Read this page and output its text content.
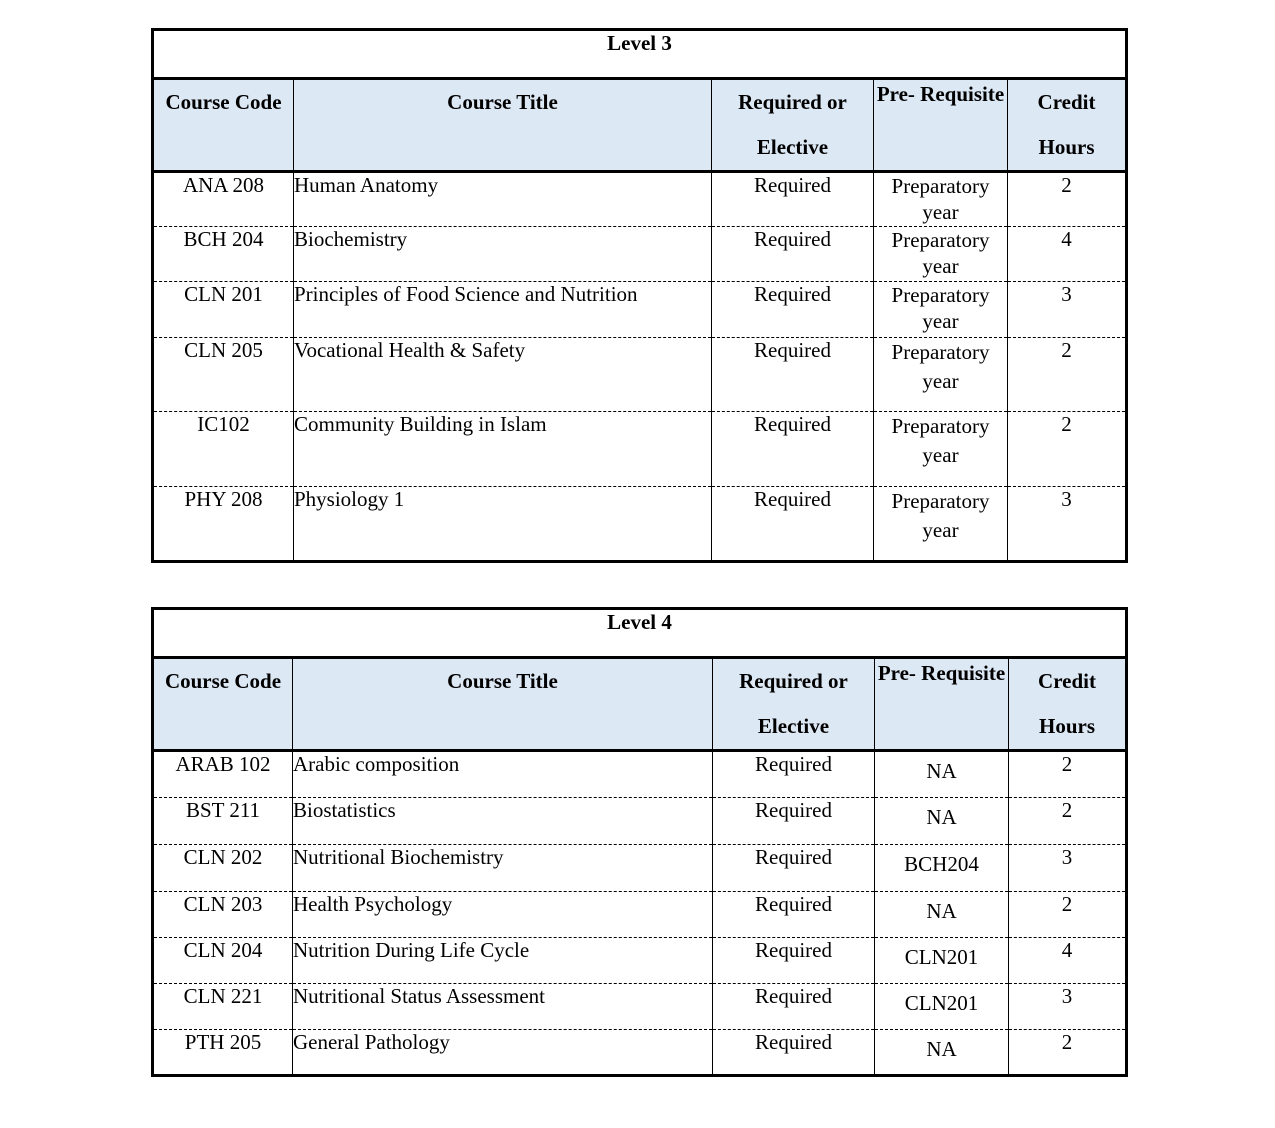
Level 3				
Course Code	Course Title	Required or Elective	Pre- Requisite	Credit Hours
ANA 208	Human Anatomy	Required	Preparatory year	2
BCH 204	Biochemistry	Required	Preparatory year	4
CLN 201	Principles of Food Science and Nutrition	Required	Preparatory year	3
CLN 205	Vocational Health & Safety	Required	Preparatory year	2
IC102	Community Building in Islam	Required	Preparatory year	2
PHY 208	Physiology 1	Required	Preparatory year	3
Level 4				
Course Code	Course Title	Required or Elective	Pre- Requisite	Credit Hours
ARAB 102	Arabic composition	Required	NA	2
BST 211	Biostatistics	Required	NA	2
CLN 202	Nutritional Biochemistry	Required	BCH204	3
CLN 203	Health Psychology	Required	NA	2
CLN 204	Nutrition During Life Cycle	Required	CLN201	4
CLN 221	Nutritional Status Assessment	Required	CLN201	3
PTH 205	General Pathology	Required	NA	2
